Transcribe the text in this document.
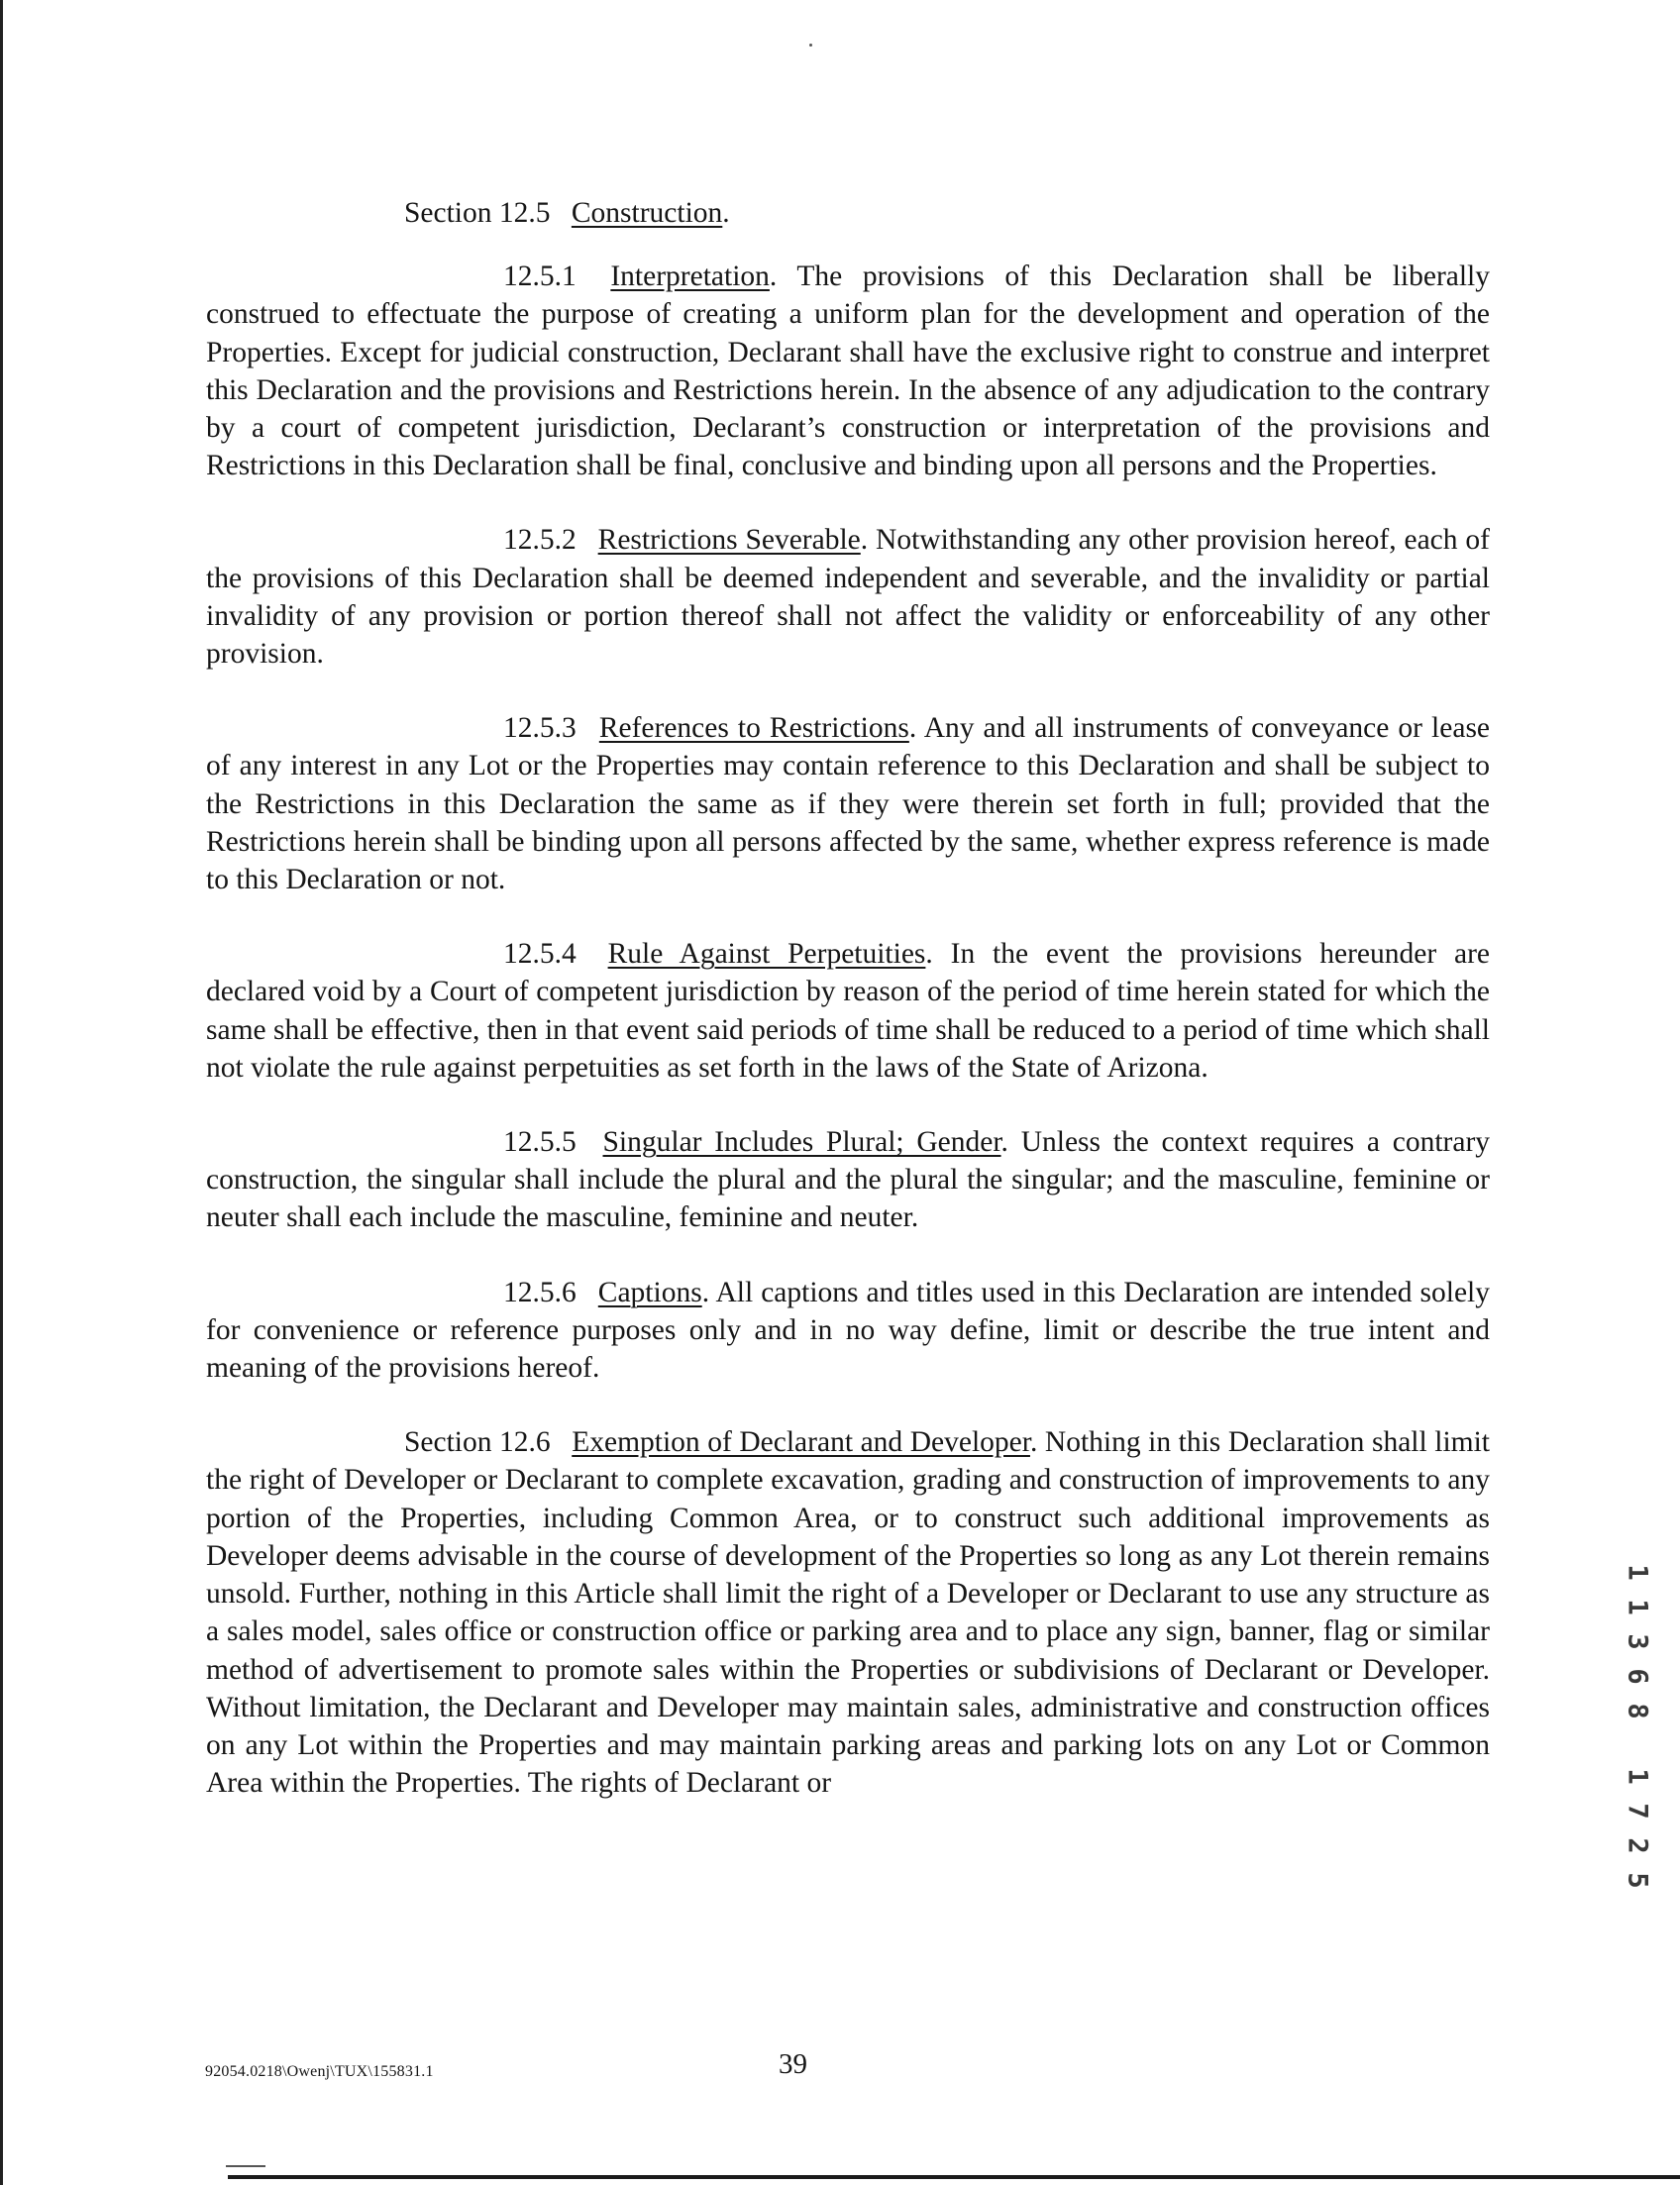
Section 12.5 Construction.

12.5.1 Interpretation. The provisions of this Declaration shall be liberally construed to effectuate the purpose of creating a uniform plan for the development and operation of the Properties. Except for judicial construction, Declarant shall have the exclusive right to construe and interpret this Declaration and the provisions and Restrictions herein. In the absence of any adjudication to the contrary by a court of competent jurisdiction, Declarant’s construction or interpretation of the provisions and Restrictions in this Declaration shall be final, conclusive and binding upon all persons and the Properties.

12.5.2 Restrictions Severable. Notwithstanding any other provision hereof, each of the provisions of this Declaration shall be deemed independent and severable, and the invalidity or partial invalidity of any provision or portion thereof shall not affect the validity or enforceability of any other provision.

12.5.3 References to Restrictions. Any and all instruments of conveyance or lease of any interest in any Lot or the Properties may contain reference to this Declaration and shall be subject to the Restrictions in this Declaration the same as if they were therein set forth in full; provided that the Restrictions herein shall be binding upon all persons affected by the same, whether express reference is made to this Declaration or not.

12.5.4 Rule Against Perpetuities. In the event the provisions hereunder are declared void by a Court of competent jurisdiction by reason of the period of time herein stated for which the same shall be effective, then in that event said periods of time shall be reduced to a period of time which shall not violate the rule against perpetuities as set forth in the laws of the State of Arizona.

12.5.5 Singular Includes Plural; Gender. Unless the context requires a contrary construction, the singular shall include the plural and the plural the singular; and the masculine, feminine or neuter shall each include the masculine, feminine and neuter.

12.5.6 Captions. All captions and titles used in this Declaration are intended solely for convenience or reference purposes only and in no way define, limit or describe the true intent and meaning of the provisions hereof.

Section 12.6 Exemption of Declarant and Developer. Nothing in this Declaration shall limit the right of Developer or Declarant to complete excavation, grading and construction of improvements to any portion of the Properties, including Common Area, or to construct such additional improvements as Developer deems advisable in the course of development of the Properties so long as any Lot therein remains unsold. Further, nothing in this Article shall limit the right of a Developer or Declarant to use any structure as a sales model, sales office or construction office or parking area and to place any sign, banner, flag or similar method of advertisement to promote sales within the Properties or subdivisions of Declarant or Developer. Without limitation, the Declarant and Developer may maintain sales, administrative and construction offices on any Lot within the Properties and may maintain parking areas and parking lots on any Lot or Common Area within the Properties. The rights of Declarant or

1
1
3
6
8
1
7
2
5
92054.0218\Owenj\TUX\155831.1	39
